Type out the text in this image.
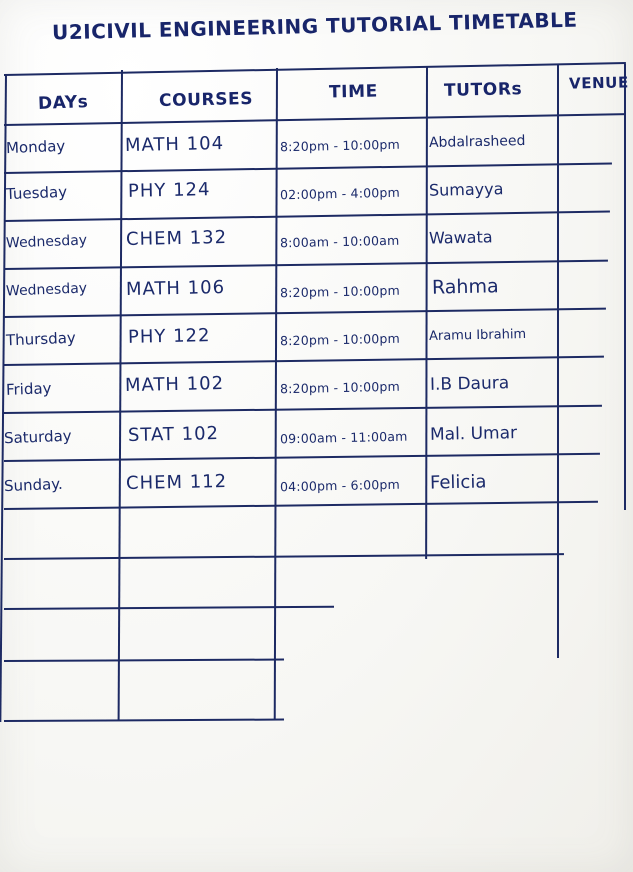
U2ICIVIL ENGINEERING TUTORIAL TIMETABLE
DAYs	COURSES	TIME	TUTORs	VENUE
Monday	MATH 104	8:20pm - 10:00pm Abdalrasheed
Tuesday	PHY 124	02:00pm - 4:00pm Sumayya
Wednesday CHEM 132	8:00am - 10:00am Wawata
Wednesday MATH 106	8:20pm - 10:00pm Rahma
Thursday	PHY 122	8:20pm - 10:00pm Aramu Ibrahim
Friday	MATH 102	8:20pm - 10:00pm I.B Daura
Saturday	STAT 102	09:00am - 11:00am Mal. Umar
Sunday.	CHEM 112	04:00pm - 6:00pm Felicia
